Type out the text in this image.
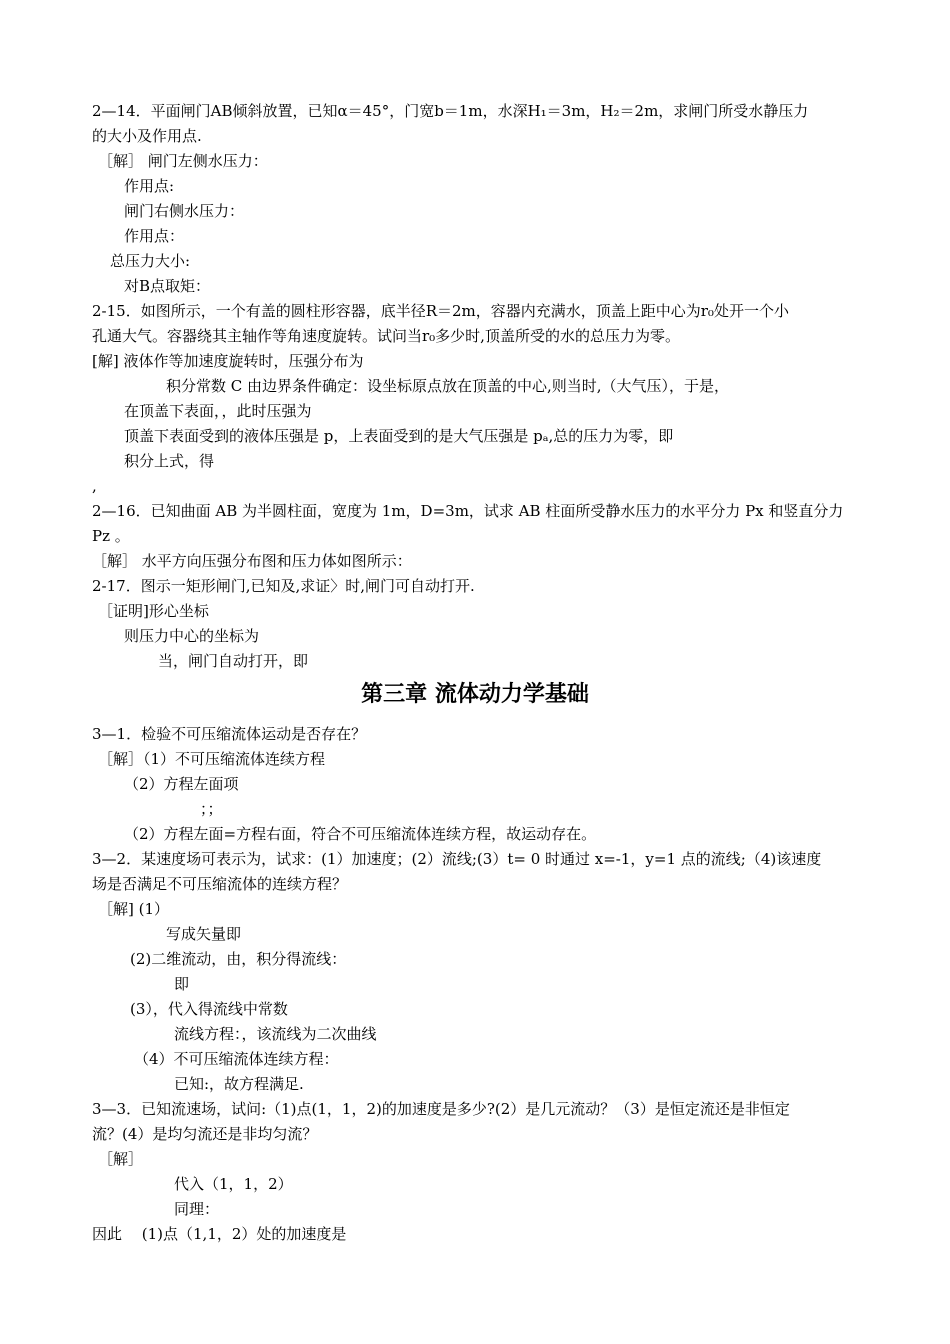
2—14．平面闸门AB倾斜放置，已知α＝45°，门宽b＝1m，水深H₁＝3m，H₂＝2m，求闸门所受水静压力
的大小及作用点.
［解］ 闸门左侧水压力：
作用点:
闸门右侧水压力：
作用点：
总压力大小:
对B点取矩：
2-15．如图所示，一个有盖的圆柱形容器，底半径R＝2m，容器内充满水，顶盖上距中心为r₀处开一个小
孔通大气。容器绕其主轴作等角速度旋转。试问当r₀多少时,顶盖所受的水的总压力为零。
[解] 液体作等加速度旋转时，压强分布为
积分常数 C 由边界条件确定：设坐标原点放在顶盖的中心,则当时,（大气压），于是，
在顶盖下表面，，此时压强为
顶盖下表面受到的液体压强是 p，上表面受到的是大气压强是 pₐ,总的压力为零，即
积分上式，得
,
2—16．已知曲面 AB 为半圆柱面，宽度为 1m，D=3m，试求 AB 柱面所受静水压力的水平分力 Px 和竖直分力
Pz 。
［解］ 水平方向压强分布图和压力体如图所示：
2-17．图示一矩形闸门,已知及,求证〉时,闸门可自动打开.
［证明]形心坐标
则压力中心的坐标为
当，闸门自动打开，即
第三章 流体动力学基础
3—1．检验不可压缩流体运动是否存在？
［解］（1）不可压缩流体连续方程
（2）方程左面项
；；
（2）方程左面=方程右面，符合不可压缩流体连续方程，故运动存在。
3—2．某速度场可表示为，试求：(1）加速度；(2）流线;(3）t= 0 时通过 x=-1，y=1 点的流线;（4)该速度
场是否满足不可压缩流体的连续方程？
［解] (1）
写成矢量即
(2)二维流动，由，积分得流线：
即
(3），代入得流线中常数
流线方程：，该流线为二次曲线
（4）不可压缩流体连续方程：
已知:，故方程满足.
3—3．已知流速场，试问:（1)点(1，1，2)的加速度是多少?(2）是几元流动？（3）是恒定流还是非恒定
流？(4）是均匀流还是非均匀流？
［解］
代入（1，1，2）
同理：
因此　 (1)点（1,1，2）处的加速度是
